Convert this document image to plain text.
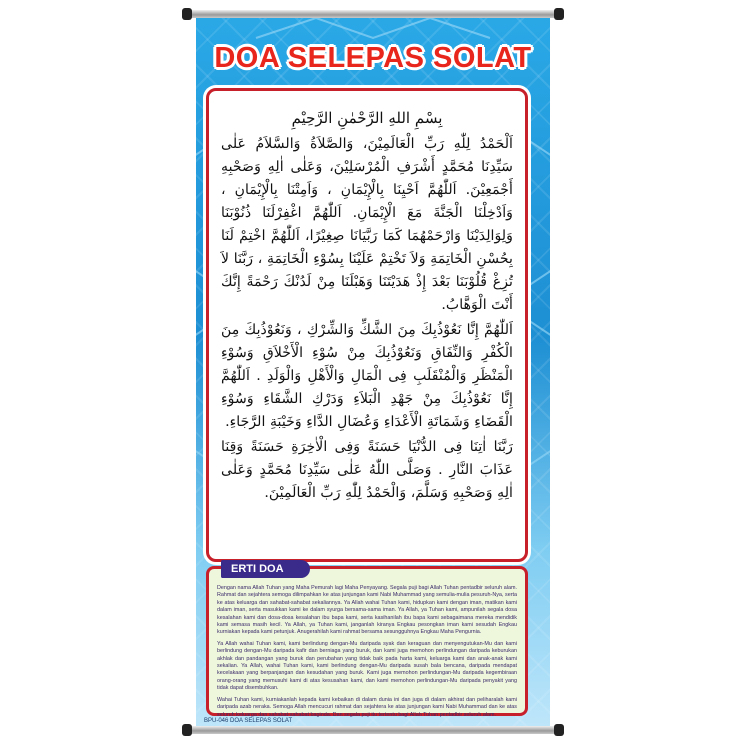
DOA SELEPAS SOLAT

بِسْمِ اللهِ الرَّحْمٰنِ الرَّحِيْمِ

اَلْحَمْدُ لِلّٰهِ رَبِّ الْعَالَمِيْنَ، وَالصَّلاَةُ وَالسَّلاَمُ عَلٰى سَيِّدِنَا مُحَمَّدٍ أَشْرَفِ الْمُرْسَلِيْنَ، وَعَلٰى اٰلِهِ وَصَحْبِهِ أَجْمَعِيْنَ. اَللّٰهُمَّ اَحْيِنَا بِالْإِيْمَانِ ، وَاَمِتْنَا بِالْإِيْمَانِ ، وَاَدْخِلْنَا الْجَنَّةَ مَعَ الْإِيْمَانِ. اَللّٰهُمَّ اغْفِرْلَنَا ذُنُوْبَنَا وَلِوَالِدَيْنَا وَارْحَمْهُمَا كَمَا رَبَّيَانَا صِغِيْرًا، اَللّٰهُمَّ اخْتِمْ لَنَا بِحُسْنِ الْخَاتِمَةِ وَلاَ تَخْتِمْ عَلَيْنَا بِسُوْءِ الْخَاتِمَةِ ، رَبَّنَا لاَ تُزِغْ قُلُوْبَنَا بَعْدَ إِذْ هَدَيْتَنَا وَهَبْلَنَا مِنْ لَدُنْكَ رَحْمَةً إِنَّكَ أَنْتَ الْوَهَّابُ.

اَللّٰهُمَّ إِنَّا نَعُوْذُبِكَ مِنَ الشَّكِّ وَالشِّرْكِ ، وَنَعُوْذُبِكَ مِنَ الْكُفْرِ وَالنِّفَاقِ وَنَعُوْذُبِكَ مِنْ سُوْءِ الْأَخْلاَقِ وَسُوْءِ الْمَنْظَرِ وَالْمُنْقَلَبِ فِى الْمَالِ وَالْأَهْلِ وَالْوَلَدِ . اَللّٰهُمَّ إِنَّا نَعُوْذُبِكَ مِنْ جَهْدِ الْبَلاَءِ وَدَرْكِ الشَّقَاءِ وَسُوْءِ الْقَضَاءِ وَشَمَاتَةِ الْأَعْدَاءِ وَعُضَالِ الدَّاءِ وَخَيْبَةِ الرَّجَاءِ.

رَبَّنَا اٰتِنَا فِى الدُّنْيَا حَسَنَةً وَفِى الْاٰخِرَةِ حَسَنَةً وَقِنَا عَذَابَ النَّارِ . وَصَلَّى اللّٰهُ عَلٰى سَيِّدِنَا مُحَمَّدٍ وَعَلٰى اٰلِهِ وَصَحْبِهِ وَسَلَّمَ، وَالْحَمْدُ لِلّٰهِ رَبِّ الْعَالَمِيْنَ.

ERTI DOA

Dengan nama Allah Tuhan yang Maha Pemurah lagi Maha Penyayang. Segala puji bagi Allah Tuhan pentadbir seluruh alam. Rahmat dan sejahtera semoga dilimpahkan ke atas junjungan kami Nabi Muhammad yang semulia-mulia pesuruh-Nya, serta ke atas keluarga dan sahabat-sahabat sekaliannya. Ya Allah wahai Tuhan kami, hidupkan kami dengan iman, matikan kami dalam iman, serta masukkan kami ke dalam syurga bersama-sama iman. Ya Allah, ya Tuhan kami, ampunilah segala dosa kesalahan kami dan dosa-dosa kesalahan ibu bapa kami, serta kasihanilah ibu bapa kami sebagaimana mereka mendidik kami semasa masih kecil. Ya Allah, ya Tuhan kami, janganlah kiranya Engkau pesongkan iman kami sesudah Engkau kurniakan kepada kami petunjuk. Anugerahilah kami rahmat bersama sesungguhnya Engkau Maha Pengurnia.

Ya Allah wahai Tuhan kami, kami berlindung dengan-Mu daripada syak dan keraguan dan menyengutukan-Mu dan kami berlindung dengan-Mu daripada kafir dan berniaga yang buruk, dan kami juga memohon perlindungan daripada keburukan akhlak dan pandangan yang buruk dan perubahan yang tidak baik pada harta kami, keluarga kami dan anak-anak kami sekalian. Ya Allah, wahai Tuhan kami, kami berlindung dengan-Mu daripada susah bala bencana, daripada mendapat kecelakaan yang berpanjangan dan kesudahan yang buruk. Kami juga memohon perlindungan-Mu daripada kegembiraan orang-orang yang memusuhi kami di atas kesusahan kami, dan kami memohon perlindungan-Mu daripada penyakit yang tidak dapat disembuhkan.

Wahai Tuhan kami, kurniakanlah kepada kami kebaikan di dalam dunia ini dan juga di dalam akhirat dan peliharalah kami daripada azab neraka. Semoga Allah mencucuri rahmat dan sejahtera ke atas junjungan kami Nabi Muhammad dan ke atas seluruh keluarga dan sahabat-sahabat baginda. Dan segala puji itu tertentu bagi Allah Tuhan pentadbir seluruh alam.

BPU-046 DOA SELEPAS SOLAT
